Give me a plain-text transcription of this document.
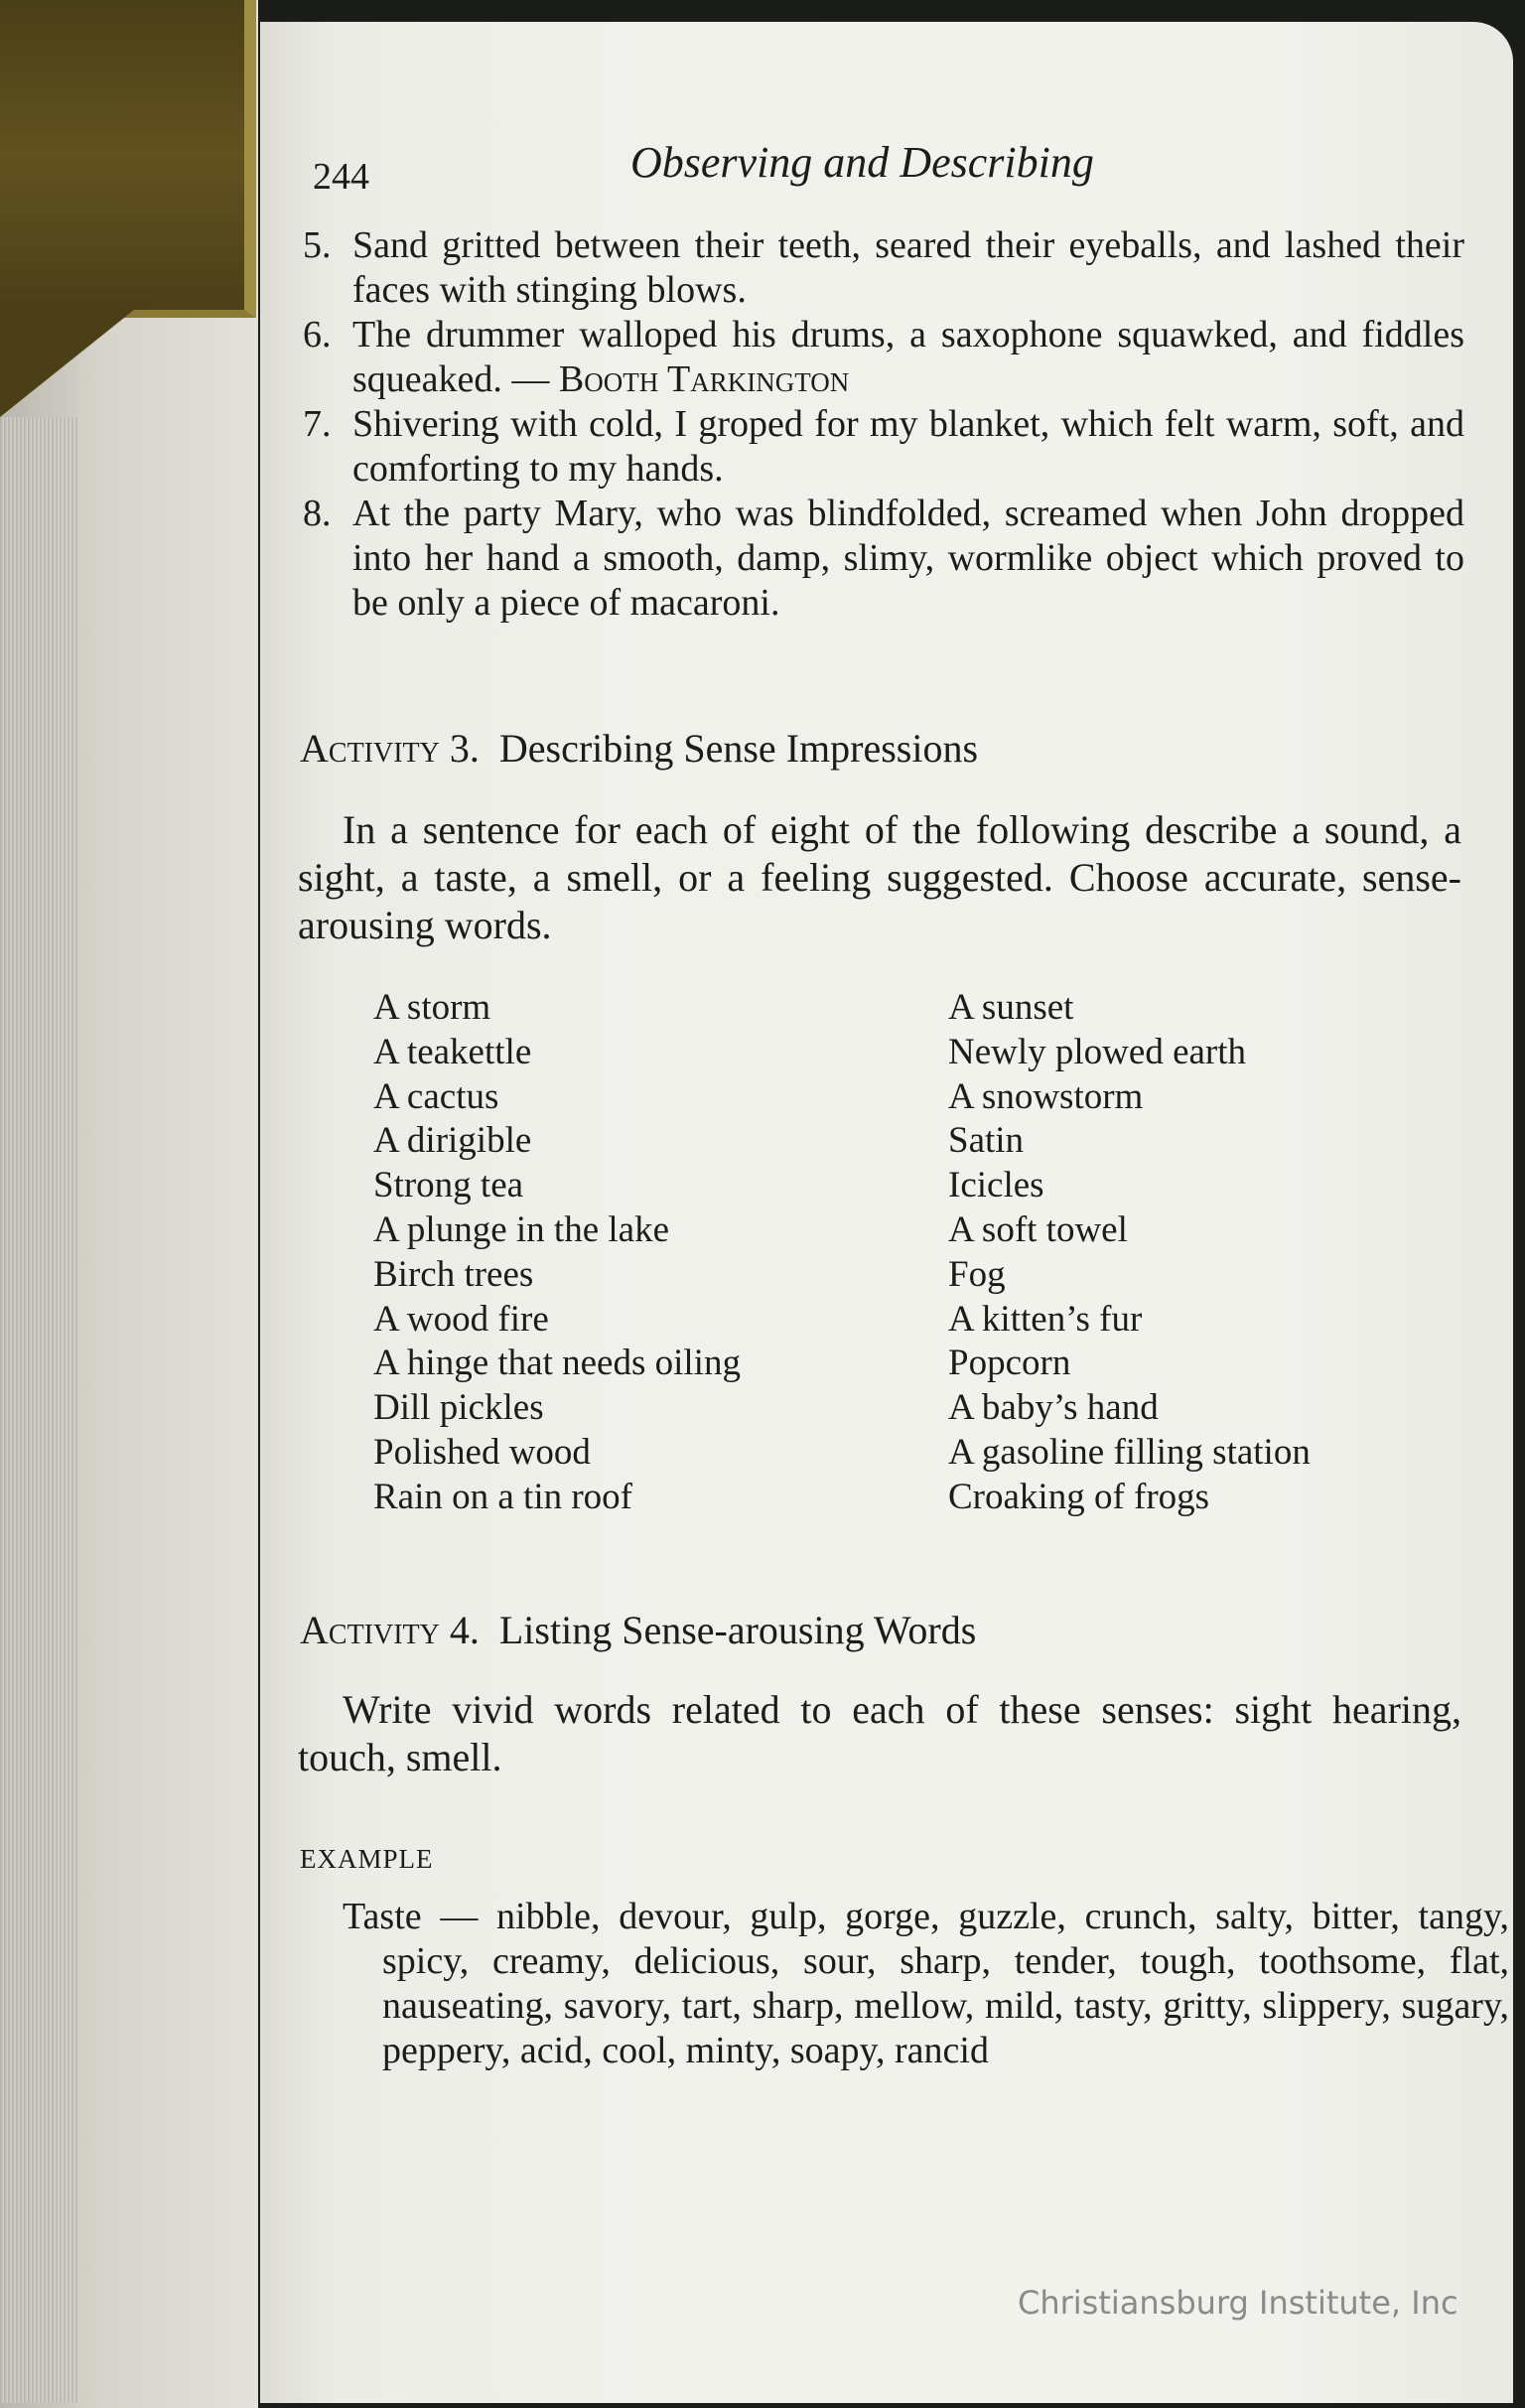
244	Observing and Describing
5. Sand gritted between their teeth, seared their eyeballs, and lashed their faces with stinging blows.
6. The drummer walloped his drums, a saxophone squawked, and fiddles squeaked. — Booth Tarkington
7. Shivering with cold, I groped for my blanket, which felt warm, soft, and comforting to my hands.
8. At the party Mary, who was blindfolded, screamed when John dropped into her hand a smooth, damp, slimy, wormlike object which proved to be only a piece of macaroni.
Activity 3. Describing Sense Impressions
In a sentence for each of eight of the following describe a sound, a sight, a taste, a smell, or a feeling suggested. Choose accurate, sense-arousing words.
A storm
A teakettle
A cactus
A dirigible
Strong tea
A plunge in the lake
Birch trees
A wood fire
A hinge that needs oiling
Dill pickles
Polished wood
Rain on a tin roof
A sunset
Newly plowed earth
A snowstorm
Satin
Icicles
A soft towel
Fog
A kitten’s fur
Popcorn
A baby’s hand
A gasoline filling station
Croaking of frogs
Activity 4. Listing Sense-arousing Words
Write vivid words related to each of these senses: sight hearing, touch, smell.
EXAMPLE
Taste — nibble, devour, gulp, gorge, guzzle, crunch, salty, bitter, tangy, spicy, creamy, delicious, sour, sharp, tender, tough, toothsome, flat, nauseating, savory, tart, sharp, mellow, mild, tasty, gritty, slippery, sugary, peppery, acid, cool, minty, soapy, rancid
Christiansburg Institute, Inc
